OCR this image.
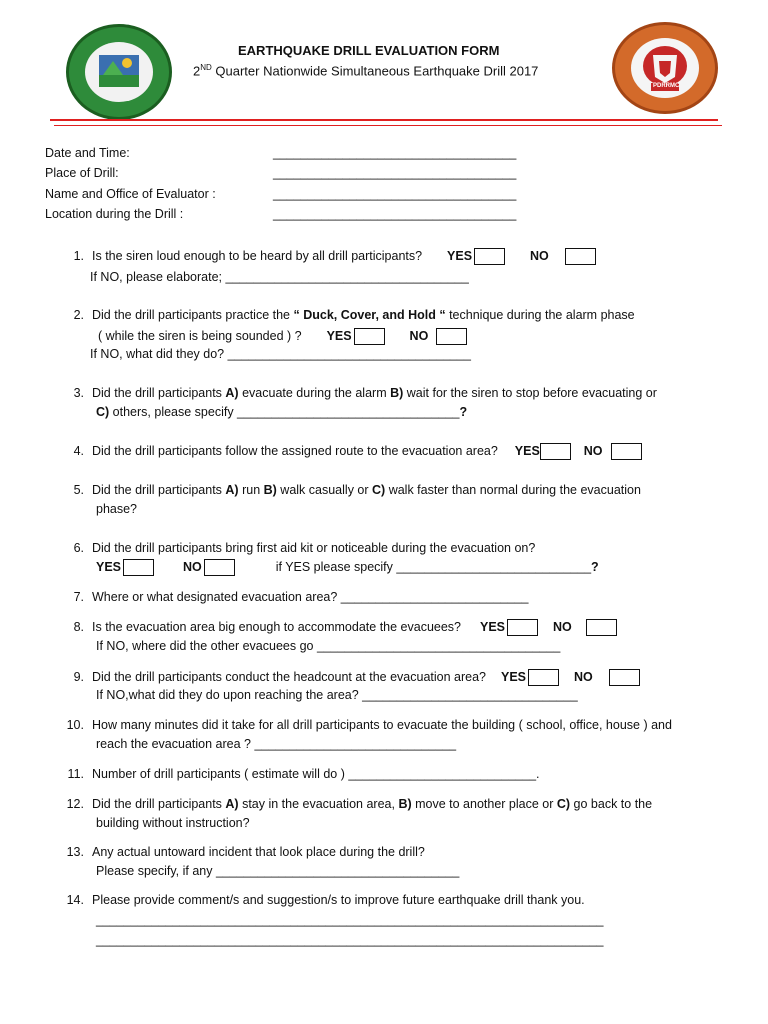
PDRRMC
EARTHQUAKE DRILL EVALUATION FORM
2ND Quarter Nationwide Simultaneous Earthquake Drill 2017
Date and Time:	___________________________________
Place of Drill:	___________________________________
Name and Office of Evaluator :	___________________________________
Location during the Drill :	___________________________________
1. Is the siren loud enough to be heard by all drill participants? YES	NO
If NO, please elaborate; ___________________________________
2. Did the drill participants practice the “ Duck, Cover, and Hold “ technique during the alarm phase
( while the siren is being sounded ) ? YES	NO
If NO, what did they do? ___________________________________
3. Did the drill participants A) evacuate during the alarm B) wait for the siren to stop before evacuating or
C) others, please specify ________________________________?
4. Did the drill participants follow the assigned route to the evacuation area? YES	NO
5. Did the drill participants A) run B) walk casually or C) walk faster than normal during the evacuation
phase?
6. Did the drill participants bring first aid kit or noticeable during the evacuation on?
YES	NO	if YES please specify ____________________________?
7. Where or what designated evacuation area? ___________________________
8. Is the evacuation area big enough to accommodate the evacuees? YES	NO
If NO, where did the other evacuees go ___________________________________
9. Did the drill participants conduct the headcount at the evacuation area? YES	NO
If NO,what did they do upon reaching the area? _______________________________
10. How many minutes did it take for all drill participants to evacuate the building ( school, office, house ) and
reach the evacuation area ? _____________________________
11. Number of drill participants ( estimate will do ) ___________________________.
12. Did the drill participants A) stay in the evacuation area, B) move to another place or C) go back to the
building without instruction?
13. Any actual untoward incident that look place during the drill?
Please specify, if any ___________________________________
14. Please provide comment/s and suggestion/s to improve future earthquake drill thank you.
_________________________________________________________________________
_________________________________________________________________________
